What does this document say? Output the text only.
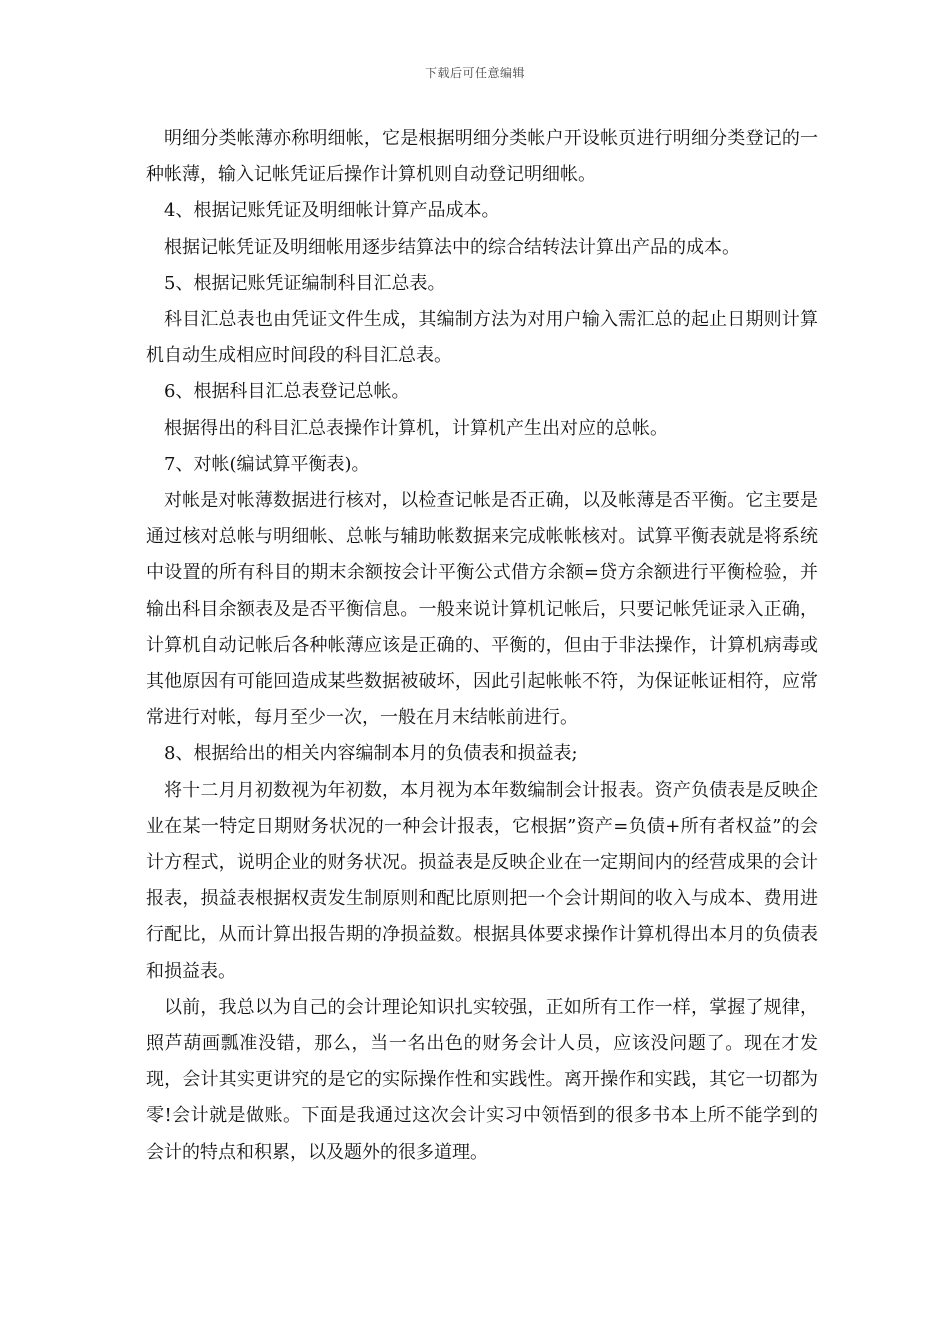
下载后可任意编辑

明细分类帐薄亦称明细帐，它是根据明细分类帐户开设帐页进行明细分类登记的一种帐薄，输入记帐凭证后操作计算机则自动登记明细帐。

4、根据记账凭证及明细帐计算产品成本。

根据记帐凭证及明细帐用逐步结算法中的综合结转法计算出产品的成本。

5、根据记账凭证编制科目汇总表。

科目汇总表也由凭证文件生成，其编制方法为对用户输入需汇总的起止日期则计算机自动生成相应时间段的科目汇总表。

6、根据科目汇总表登记总帐。

根据得出的科目汇总表操作计算机，计算机产生出对应的总帐。

7、对帐(编试算平衡表)。

对帐是对帐薄数据进行核对，以检查记帐是否正确，以及帐薄是否平衡。它主要是通过核对总帐与明细帐、总帐与辅助帐数据来完成帐帐核对。试算平衡表就是将系统中设置的所有科目的期末余额按会计平衡公式借方余额=贷方余额进行平衡检验，并输出科目余额表及是否平衡信息。一般来说计算机记帐后，只要记帐凭证录入正确，计算机自动记帐后各种帐薄应该是正确的、平衡的，但由于非法操作，计算机病毒或其他原因有可能回造成某些数据被破坏，因此引起帐帐不符，为保证帐证相符，应常常进行对帐，每月至少一次，一般在月末结帐前进行。

8、根据给出的相关内容编制本月的负债表和损益表;

将十二月月初数视为年初数，本月视为本年数编制会计报表。资产负债表是反映企业在某一特定日期财务状况的一种会计报表，它根据”资产=负债+所有者权益”的会计方程式，说明企业的财务状况。损益表是反映企业在一定期间内的经营成果的会计报表，损益表根据权责发生制原则和配比原则把一个会计期间的收入与成本、费用进行配比，从而计算出报告期的净损益数。根据具体要求操作计算机得出本月的负债表和损益表。

以前，我总以为自己的会计理论知识扎实较强，正如所有工作一样，掌握了规律，照芦葫画瓢准没错，那么，当一名出色的财务会计人员，应该没问题了。现在才发现，会计其实更讲究的是它的实际操作性和实践性。离开操作和实践，其它一切都为零!会计就是做账。下面是我通过这次会计实习中领悟到的很多书本上所不能学到的会计的特点和积累，以及题外的很多道理。
